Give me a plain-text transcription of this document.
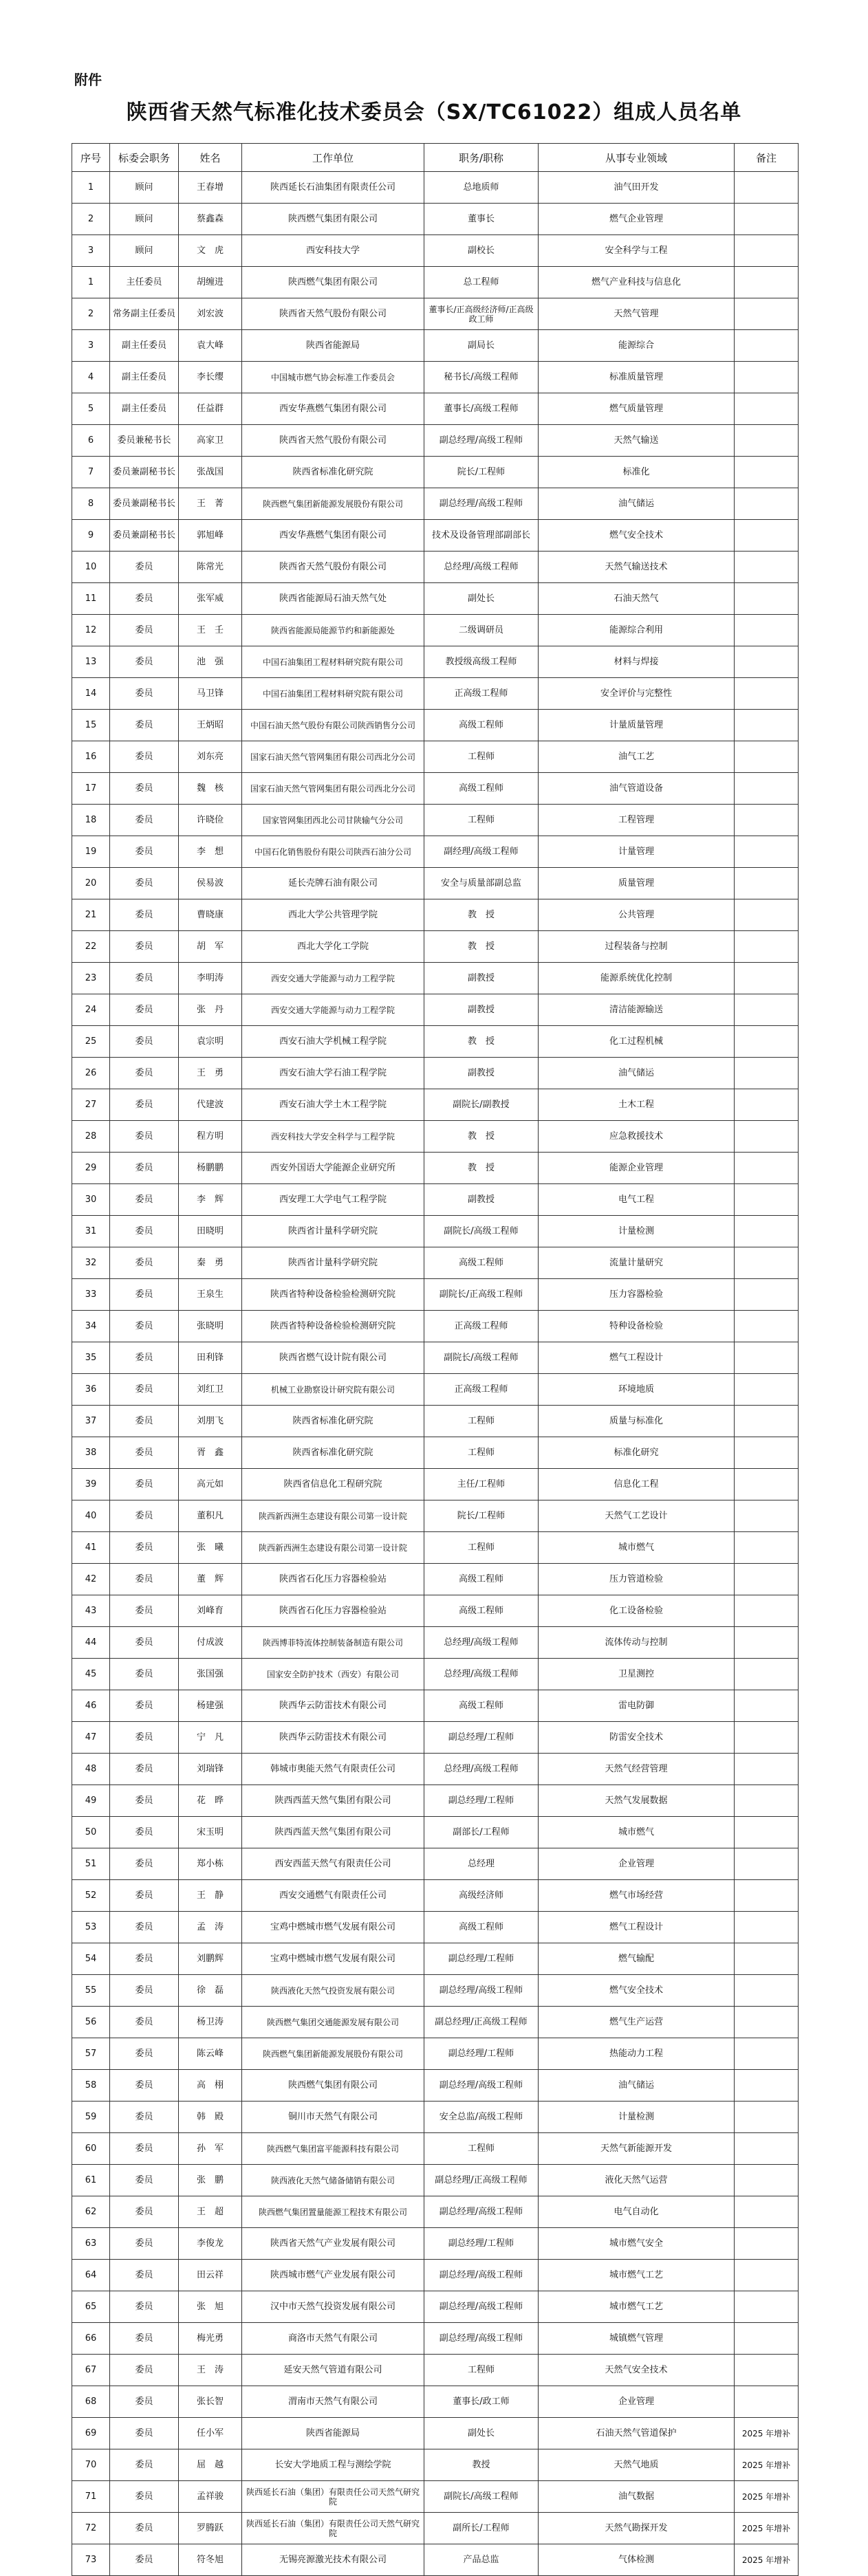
附件
陕西省天然气标准化技术委员会（SX/TC61022）组成人员名单
序号	标委会职务	姓名	工作单位	职务/职称	从事专业领域	备注
1	顾问	王春增	陕西延长石油集团有限责任公司	总地质师	油气田开发	
2	顾问	蔡鑫森	陕西燃气集团有限公司	董事长	燃气企业管理	
3	顾问	文　虎	西安科技大学	副校长	安全科学与工程	
1	主任委员	胡缠进	陕西燃气集团有限公司	总工程师	燃气产业科技与信息化	
2	常务副主任委员	刘宏波	陕西省天然气股份有限公司	董事长/正高级经济师/正高级政工师	天然气管理	
3	副主任委员	袁大峰	陕西省能源局	副局长	能源综合	
4	副主任委员	李长缨	中国城市燃气协会标准工作委员会	秘书长/高级工程师	标准质量管理	
5	副主任委员	任益群	西安华燕燃气集团有限公司	董事长/高级工程师	燃气质量管理	
6	委员兼秘书长	高家卫	陕西省天然气股份有限公司	副总经理/高级工程师	天然气输送	
7	委员兼副秘书长	张战国	陕西省标准化研究院	院长/工程师	标准化	
8	委员兼副秘书长	王　菁	陕西燃气集团新能源发展股份有限公司	副总经理/高级工程师	油气储运	
9	委员兼副秘书长	郭旭峰	西安华燕燃气集团有限公司	技术及设备管理部副部长	燃气安全技术	
10	委员	陈常光	陕西省天然气股份有限公司	总经理/高级工程师	天然气输送技术	
11	委员	张军威	陕西省能源局石油天然气处	副处长	石油天然气	
12	委员	王　壬	陕西省能源局能源节约和新能源处	二级调研员	能源综合利用	
13	委员	池　强	中国石油集团工程材料研究院有限公司	教授级高级工程师	材料与焊接	
14	委员	马卫锋	中国石油集团工程材料研究院有限公司	正高级工程师	安全评价与完整性	
15	委员	王炳昭	中国石油天然气股份有限公司陕西销售分公司	高级工程师	计量质量管理	
16	委员	刘东亮	国家石油天然气管网集团有限公司西北分公司	工程师	油气工艺	
17	委员	魏　核	国家石油天然气管网集团有限公司西北分公司	高级工程师	油气管道设备	
18	委员	许晓俭	国家管网集团西北公司甘陕输气分公司	工程师	工程管理	
19	委员	李　想	中国石化销售股份有限公司陕西石油分公司	副经理/高级工程师	计量管理	
20	委员	侯易波	延长壳牌石油有限公司	安全与质量部副总监	质量管理	
21	委员	曹晓康	西北大学公共管理学院	教　授	公共管理	
22	委员	胡　军	西北大学化工学院	教　授	过程装备与控制	
23	委员	李明涛	西安交通大学能源与动力工程学院	副教授	能源系统优化控制	
24	委员	张　丹	西安交通大学能源与动力工程学院	副教授	清洁能源输送	
25	委员	袁宗明	西安石油大学机械工程学院	教　授	化工过程机械	
26	委员	王　勇	西安石油大学石油工程学院	副教授	油气储运	
27	委员	代建波	西安石油大学土木工程学院	副院长/副教授	土木工程	
28	委员	程方明	西安科技大学安全科学与工程学院	教　授	应急救援技术	
29	委员	杨鹏鹏	西安外国语大学能源企业研究所	教　授	能源企业管理	
30	委员	李　辉	西安理工大学电气工程学院	副教授	电气工程	
31	委员	田晓明	陕西省计量科学研究院	副院长/高级工程师	计量检测	
32	委员	秦　勇	陕西省计量科学研究院	高级工程师	流量计量研究	
33	委员	王泉生	陕西省特种设备检验检测研究院	副院长/正高级工程师	压力容器检验	
34	委员	张晓明	陕西省特种设备检验检测研究院	正高级工程师	特种设备检验	
35	委员	田利锋	陕西省燃气设计院有限公司	副院长/高级工程师	燃气工程设计	
36	委员	刘红卫	机械工业勘察设计研究院有限公司	正高级工程师	环境地质	
37	委员	刘朋飞	陕西省标准化研究院	工程师	质量与标准化	
38	委员	胥　鑫	陕西省标准化研究院	工程师	标准化研究	
39	委员	高元如	陕西省信息化工程研究院	主任/工程师	信息化工程	
40	委员	董积凡	陕西新西洲生态建设有限公司第一设计院	院长/工程师	天然气工艺设计	
41	委员	张　曦	陕西新西洲生态建设有限公司第一设计院	工程师	城市燃气	
42	委员	董　辉	陕西省石化压力容器检验站	高级工程师	压力管道检验	
43	委员	刘峰育	陕西省石化压力容器检验站	高级工程师	化工设备检验	
44	委员	付成波	陕西博菲特流体控制装备制造有限公司	总经理/高级工程师	流体传动与控制	
45	委员	张国强	国家安全防护技术（西安）有限公司	总经理/高级工程师	卫星测控	
46	委员	杨建强	陕西华云防雷技术有限公司	高级工程师	雷电防御	
47	委员	宁　凡	陕西华云防雷技术有限公司	副总经理/工程师	防雷安全技术	
48	委员	刘瑞锋	韩城市奥能天然气有限责任公司	总经理/高级工程师	天然气经营管理	
49	委员	花　晔	陕西西蓝天然气集团有限公司	副总经理/工程师	天然气发展数据	
50	委员	宋玉明	陕西西蓝天然气集团有限公司	副部长/工程师	城市燃气	
51	委员	郑小栋	西安西蓝天然气有限责任公司	总经理	企业管理	
52	委员	王　静	西安交通燃气有限责任公司	高级经济师	燃气市场经营	
53	委员	孟　涛	宝鸡中燃城市燃气发展有限公司	高级工程师	燃气工程设计	
54	委员	刘鹏辉	宝鸡中燃城市燃气发展有限公司	副总经理/工程师	燃气输配	
55	委员	徐　磊	陕西液化天然气投资发展有限公司	副总经理/高级工程师	燃气安全技术	
56	委员	杨卫涛	陕西燃气集团交通能源发展有限公司	副总经理/正高级工程师	燃气生产运营	
57	委员	陈云峰	陕西燃气集团新能源发展股份有限公司	副总经理/工程师	热能动力工程	
58	委员	高　栩	陕西燃气集团有限公司	副总经理/高级工程师	油气储运	
59	委员	韩　殿	铜川市天然气有限公司	安全总监/高级工程师	计量检测	
60	委员	孙　军	陕西燃气集团富平能源科技有限公司	工程师	天然气新能源开发	
61	委员	张　鹏	陕西液化天然气储备储销有限公司	副总经理/正高级工程师	液化天然气运营	
62	委员	王　超	陕西燃气集团置量能源工程技术有限公司	副总经理/高级工程师	电气自动化	
63	委员	李俊龙	陕西省天然气产业发展有限公司	副总经理/工程师	城市燃气安全	
64	委员	田云祥	陕西城市燃气产业发展有限公司	副总经理/高级工程师	城市燃气工艺	
65	委员	张　旭	汉中市天然气投资发展有限公司	副总经理/高级工程师	城市燃气工艺	
66	委员	梅光勇	商洛市天然气有限公司	副总经理/高级工程师	城镇燃气管理	
67	委员	王　涛	延安天然气管道有限公司	工程师	天然气安全技术	
68	委员	张长智	渭南市天然气有限公司	董事长/政工师	企业管理	
69	委员	任小军	陕西省能源局	副处长	石油天然气管道保护	2025 年增补
70	委员	屈　越	长安大学地质工程与测绘学院	教授	天然气地质	2025 年增补
71	委员	孟祥骏	陕西延长石油（集团）有限责任公司天然气研究院	副院长/高级工程师	油气数据	2025 年增补
72	委员	罗腾跃	陕西延长石油（集团）有限责任公司天然气研究院	副所长/工程师	天然气勘探开发	2025 年增补
73	委员	符冬旭	无锡亮源激光技术有限公司	产品总监	气体检测	2025 年增补
